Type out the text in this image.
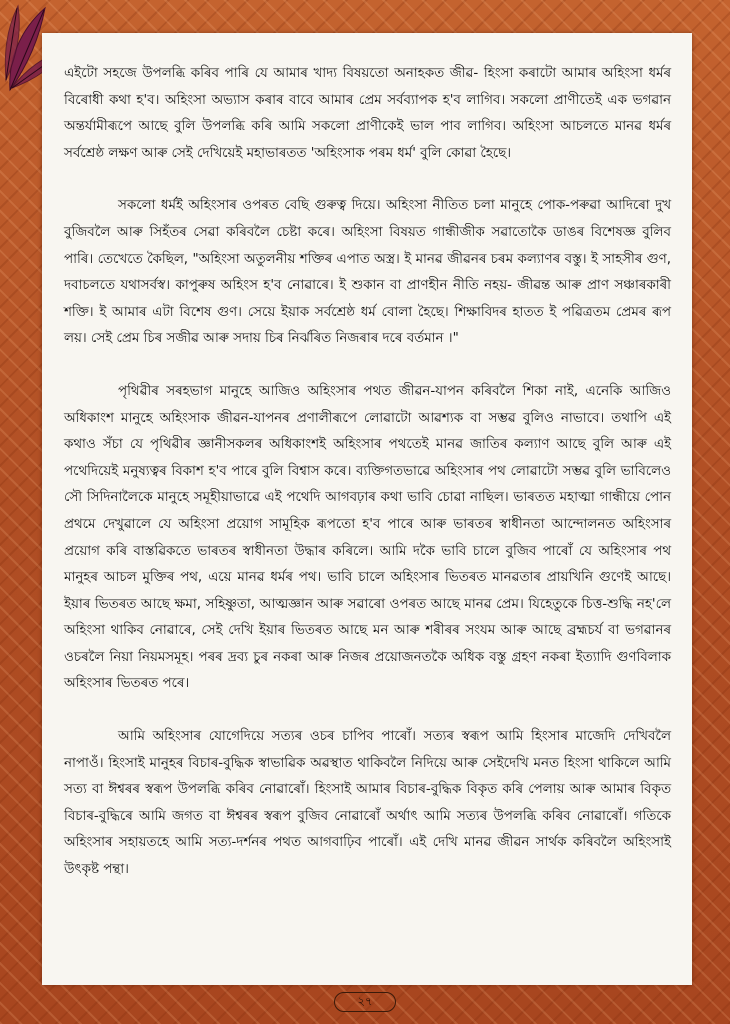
এইটো সহজে উপলব্ধি কৰিব পাৰি যে আমাৰ খাদ্য বিষয়তো অনাহকত জীৱ- হিংসা কৰাটো আমাৰ অহিংসা ধৰ্মৰ বিৰোধী কথা হ'ব। অহিংসা অভ্যাস কৰাৰ বাবে আমাৰ প্ৰেম সৰ্বব্যাপক হ'ব লাগিব। সকলো প্ৰাণীতেই এক ভগৱান অন্তৰ্যামীৰূপে আছে বুলি উপলব্ধি কৰি আমি সকলো প্ৰাণীকেই ভাল পাব লাগিব। অহিংসা আচলতে মানৱ ধৰ্মৰ সৰ্বশ্ৰেষ্ঠ লক্ষণ আৰু সেই দেখিয়েই মহাভাৰতত 'অহিংসাক পৰম ধৰ্ম' বুলি কোৱা হৈছে।

সকলো ধৰ্মই অহিংসাৰ ওপৰত বেছি গুৰুত্ব দিয়ে। অহিংসা নীতিত চলা মানুহে পোক-পৰুৱা আদিৰো দুখ বুজিবলৈ আৰু সিহঁতৰ সেৱা কৰিবলৈ চেষ্টা কৰে। অহিংসা বিষয়ত গান্ধীজীক সৱাতোকৈ ডাঙৰ বিশেষজ্ঞ বুলিব পাৰি। তেখেতে কৈছিল, "অহিংসা অতুলনীয় শক্তিৰ এপাত অস্ত্ৰ। ই মানৱ জীৱনৰ চৰম কল্যাণৰ বস্তু। ই সাহসীৰ গুণ, দবাচলতে যথাসৰ্বস্ব। কাপুৰুষ অহিংস হ'ব নোৱাৰে। ই শুকান বা প্ৰাণহীন নীতি নহয়- জীৱন্ত আৰু প্ৰাণ সঞ্চাৰকাৰী শক্তি। ই আমাৰ এটা বিশেষ গুণ। সেয়ে ইয়াক সৰ্বশ্ৰেষ্ঠ ধৰ্ম বোলা হৈছে। শিক্ষাবিদৰ হাতত ই পৱিত্ৰতম প্ৰেমৰ ৰূপ লয়। সেই প্ৰেম চিৰ সজীৱ আৰু সদায় চিৰ নিৰ্ঝৰিত নিজৰাৰ দৰে বৰ্তমান ।"

পৃথিৱীৰ সৰহভাগ মানুহে আজিও অহিংসাৰ পথত জীৱন-যাপন কৰিবলৈ শিকা নাই, এনেকি আজিও অধিকাংশ মানুহে অহিংসাক জীৱন-যাপনৰ প্ৰণালীৰূপে লোৱাটো আৱশ্যক বা সম্ভৱ বুলিও নাভাবে। তথাপি এই কথাও সঁচা যে পৃথিৱীৰ জ্ঞানীসকলৰ অধিকাংশই অহিংসাৰ পথতেই মানৱ জাতিৰ কল্যাণ আছে বুলি আৰু এই পথেদিয়েই মনুষ্যত্বৰ বিকাশ হ'ব পাৰে বুলি বিশ্বাস কৰে। ব্যক্তিগতভাৱে অহিংসাৰ পথ লোৱাটো সম্ভৱ বুলি ভাবিলেও সৌ সিদিনালৈকে মানুহে সমূহীয়াভাৱে এই পথেদি আগবঢ়াৰ কথা ভাবি চোৱা নাছিল। ভাৰতত মহাত্মা গান্ধীয়ে পোন প্ৰথমে দেখুৱালে যে অহিংসা প্ৰয়োগ সামূহিক ৰূপতো হ'ব পাৰে আৰু ভাৰতৰ স্বাধীনতা আন্দোলনত অহিংসাৰ প্ৰয়োগ কৰি বাস্তৱিকতে ভাৰতৰ স্বাধীনতা উদ্ধাৰ কৰিলে। আমি দকৈ ভাবি চালে বুজিব পাৰোঁ যে অহিংসাৰ পথ মানুহৰ আচল মুক্তিৰ পথ, এয়ে মানৱ ধৰ্মৰ পথ। ভাবি চালে অহিংসাৰ ভিতৰত মানৱতাৰ প্ৰায়খিনি গুণেই আছে। ইয়াৰ ভিতৰত আছে ক্ষমা, সহিষ্ণুতা, আত্মজ্ঞান আৰু সৱাৰো ওপৰত আছে মানৱ প্ৰেম। যিহেতুকে চিত্ত-শুদ্ধি নহ'লে অহিংসা থাকিব নোৱাৰে, সেই দেখি ইয়াৰ ভিতৰত আছে মন আৰু শৰীৰৰ সংযম আৰু আছে ব্ৰহ্মচৰ্য বা ভগৱানৰ ওচৰলৈ নিয়া নিয়মসমূহ। পৰৰ দ্ৰব্য চুৰ নকৰা আৰু নিজৰ প্ৰয়োজনতকৈ অধিক বস্তু গ্ৰহণ নকৰা ইত্যাদি গুণবিলাক অহিংসাৰ ভিতৰত পৰে।

আমি অহিংসাৰ যোগেদিয়ে সত্যৰ ওচৰ চাপিব পাৰোঁ। সত্যৰ স্বৰূপ আমি হিংসাৰ মাজেদি দেখিবলৈ নাপাওঁ। হিংসাই মানুহৰ বিচাৰ-বুদ্ধিক স্বাভাৱিক অৱস্থাত থাকিবলৈ নিদিয়ে আৰু সেইদেখি মনত হিংসা থাকিলে আমি সত্য বা ঈশ্বৰৰ স্বৰূপ উপলব্ধি কৰিব নোৱাৰোঁ। হিংসাই আমাৰ বিচাৰ-বুদ্ধিক বিকৃত কৰি পেলায় আৰু আমাৰ বিকৃত বিচাৰ-বুদ্ধিৰে আমি জগত বা ঈশ্বৰৰ স্বৰূপ বুজিব নোৱাৰোঁ অৰ্থাৎ আমি সত্যৰ উপলব্ধি কৰিব নোৱাৰোঁ। গতিকে অহিংসাৰ সহায়তহে আমি সত্য-দৰ্শনৰ পথত আগবাঢ়িব পাৰোঁ। এই দেখি মানৱ জীৱন সাৰ্থক কৰিবলৈ অহিংসাই উৎকৃষ্ট পন্থা।

২৭
